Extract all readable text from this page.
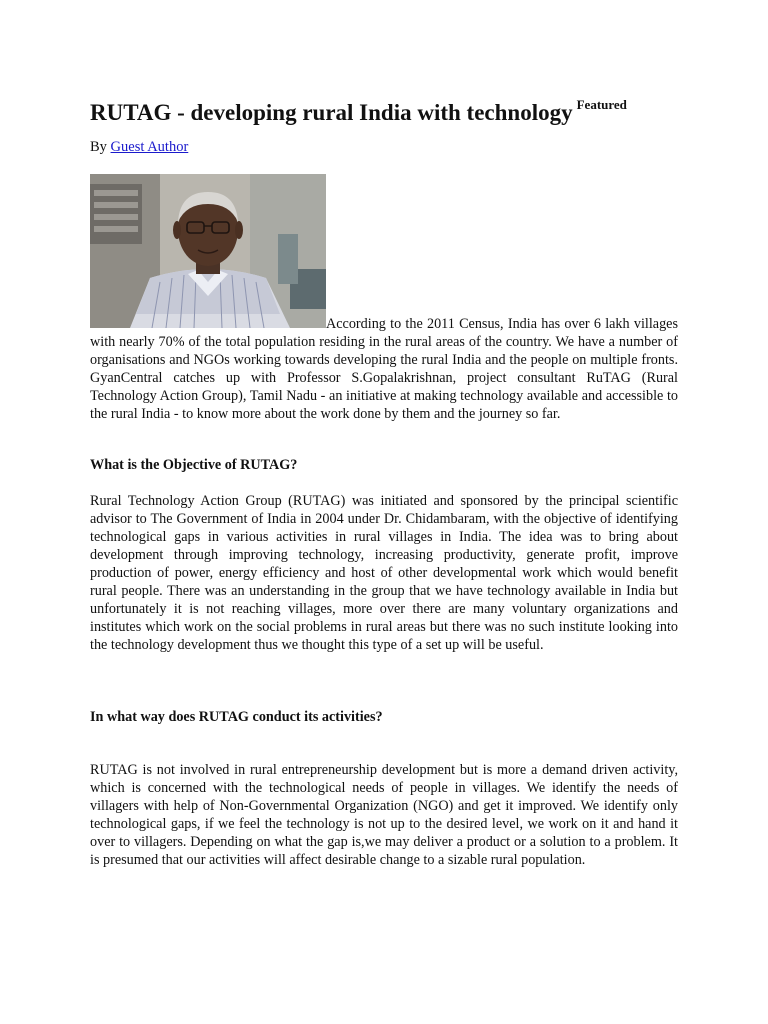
RUTAG - developing rural India with technology $^{Featured}$
By Guest Author

According to the 2011 Census, India has over 6 lakh villages with nearly 70% of the total population residing in the rural areas of the country. We have a number of organisations and NGOs working towards developing the rural India and the people on multiple fronts. GyanCentral catches up with Professor S.Gopalakrishnan, project consultant RuTAG (Rural Technology Action Group), Tamil Nadu - an initiative at making technology available and accessible to the rural India - to know more about the work done by them and the journey so far.

What is the Objective of RUTAG?

Rural Technology Action Group (RUTAG) was initiated and sponsored by the principal scientific advisor to The Government of India in 2004 under Dr. Chidambaram, with the objective of identifying technological gaps in various activities in rural villages in India. The idea was to bring about development through improving technology, increasing productivity, generate profit, improve production of power, energy efficiency and host of other developmental work which would benefit rural people. There was an understanding in the group that we have technology available in India but unfortunately it is not reaching villages, more over there are many voluntary organizations and institutes which work on the social problems in rural areas but there was no such institute looking into the technology development thus we thought this type of a set up will be useful.

In what way does RUTAG conduct its activities?

RUTAG is not involved in rural entrepreneurship development but is more a demand driven activity, which is concerned with the technological needs of people in villages. We identify the needs of villagers with help of Non-Governmental Organization (NGO) and get it improved. We identify only technological gaps, if we feel the technology is not up to the desired level, we work on it and hand it over to villagers. Depending on what the gap is,we may deliver a product or a solution to a problem. It is presumed that our activities will affect desirable change to a sizable rural population.
